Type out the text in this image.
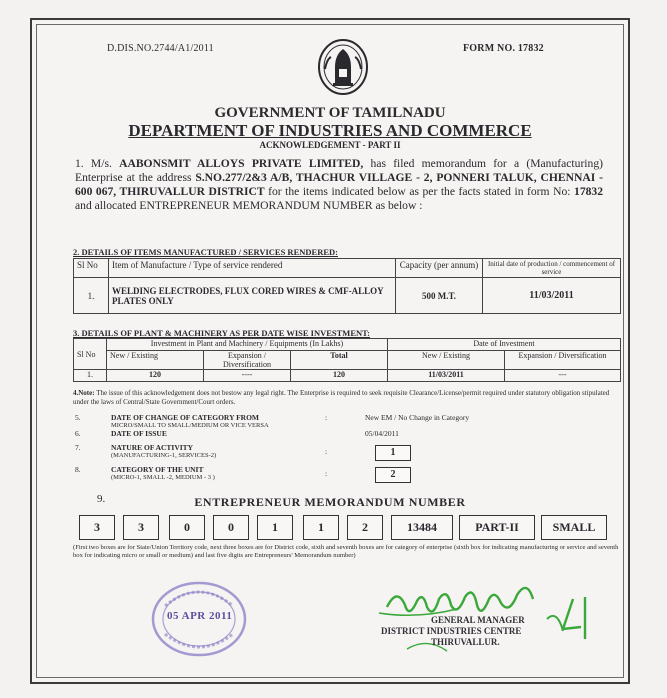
D.DIS.NO.2744/A1/2011	FORM NO. 17832
GOVERNMENT OF TAMILNADU
DEPARTMENT OF INDUSTRIES AND COMMERCE
ACKNOWLEDGEMENT - PART II
1. M/s. AABONSMIT ALLOYS PRIVATE LIMITED, has filed memorandum for a (Manufacturing) Enterprise at the address S.NO.277/2&3 A/B, THACHUR VILLAGE - 2, PONNERI TALUK, CHENNAI - 600 067, THIRUVALLUR DISTRICT for the items indicated below as per the facts stated in form No: 17832 and allocated ENTREPRENEUR MEMORANDUM NUMBER as below :
2. DETAILS OF ITEMS MANUFACTURED / SERVICES RENDERED:
Sl No	Item of Manufacture / Type of service rendered	Capacity (per annum)	Initial date of production / commencement of service
1.	WELDING ELECTRODES, FLUX CORED WIRES & CMF-ALLOY PLATES ONLY	500 M.T.	11/03/2011
3. DETAILS OF PLANT & MACHINERY AS PER DATE WISE INVESTMENT:
Sl No	Investment in Plant and Machinery / Equipments (In Lakhs)			Date of Investment	
	New / Existing	Expansion / Diversification	Total	New / Existing	Expansion / Diversification
1.	120	----	120	11/03/2011	---
4.Note: The issue of this acknowledgement does not bestow any legal right. The Enterprise is required to seek requisite Clearance/License/permit required under statutory obligation stipulated under the laws of Central/State Government/Court orders.
5.	DATE OF CHANGE OF CATEGORY FROM
MICRO/SMALL TO SMALL/MEDIUM OR VICE VERSA
:	New EM / No Change in Category
6.	DATE OF ISSUE	05/04/2011
7.	NATURE OF ACTIVITY
(MANUFACTURING-1, SERVICES-2)	:	1
8.	CATEGORY OF THE UNIT
(MICRO-1, SMALL -2, MEDIUM - 3 )	:	2
9.	ENTREPRENEUR MEMORANDUM NUMBER
3	3	0	0	1	1	2	13484	PART-II	SMALL
(First two boxes are for State/Union Territory code, next three boxes are for District code, sixth and seventh boxes are for category of enterprise (sixth box for indicating manufacturing or service and seventh box for indicating micro or small or medium) and last five digits are Entrepreneurs' Memorandum number)
05 APR 2011	GENERAL MANAGER
DISTRICT INDUSTRIES CENTRE
THIRUVALLUR.
